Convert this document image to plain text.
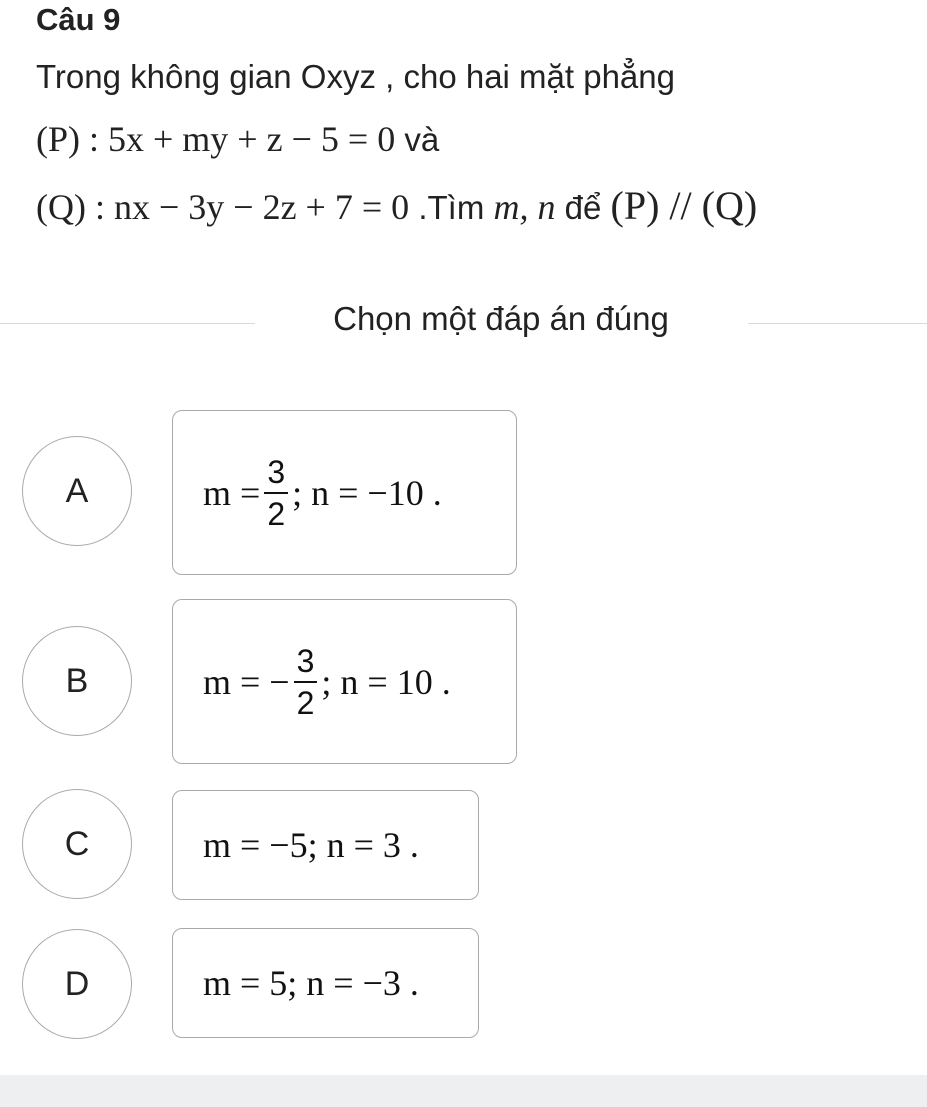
Câu 9
Trong không gian Oxyz , cho hai mặt phẳng
(P) : 5x + my + z − 5 = 0 và
(Q) : nx − 3y − 2z + 7 = 0 .Tìm m, n để (P) // (Q)
Chọn một đáp án đúng
A	$m = \frac{3}{2}$ ; n = −10 .
B	m = − $\frac{3}{2}$ ; n = 10 .
C	m = −5; n = 3 .
D	m = 5; n = −3 .
